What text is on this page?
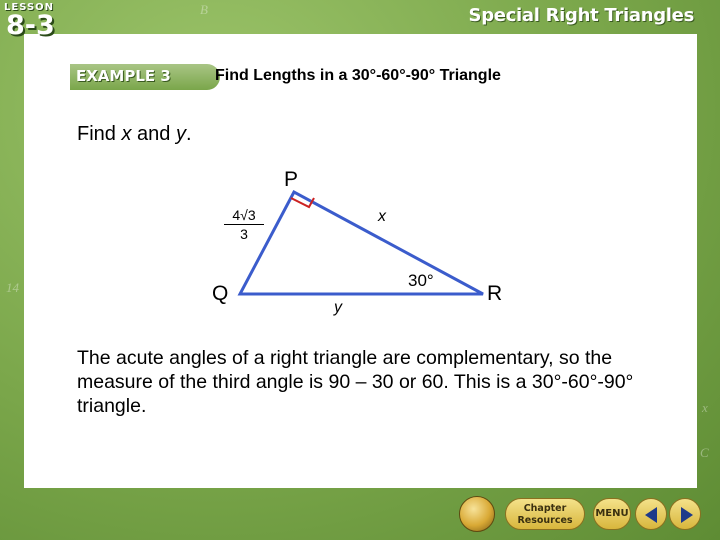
B
14
x
C
LESSON
8-3	Special Right Triangles
EXAMPLE 3	Find Lengths in a 30°-60°-90° Triangle
Find x and y.
P
Q	R
x
y
$\frac{4√3}{3}$
30°
The acute angles of a right triangle are complementary, so the measure of the third angle is 90 – 30 or 60. This is a 30°-60°-90° triangle.
Chapter
Resources
MENU
